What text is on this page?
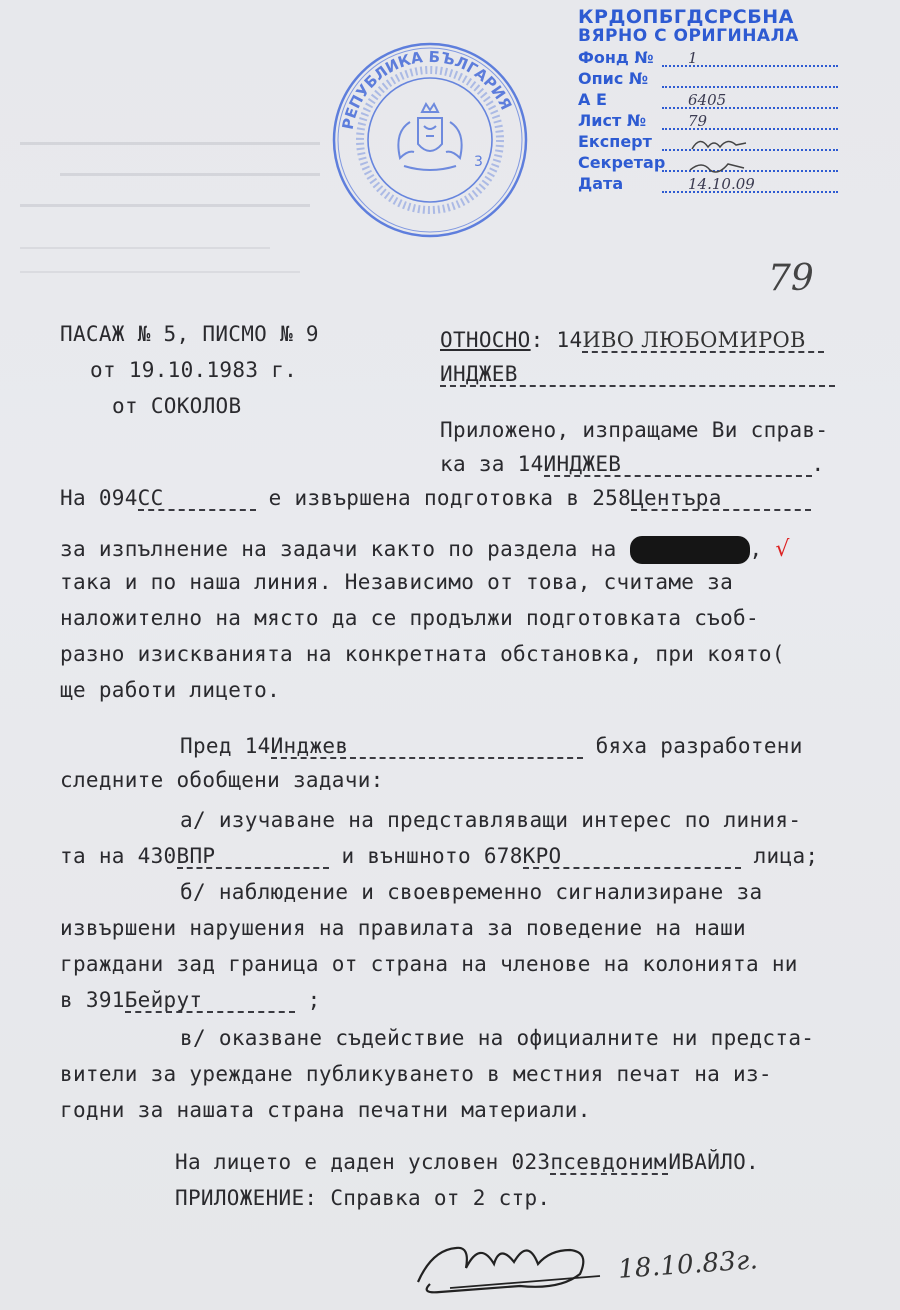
РЕПУБЛИКА БЪЛГАРИЯ
3
КРДОПБГДСРСБНА
ВЯРНО С ОРИГИНАЛА
Фонд №	1
Опис №
А Е	6405
Лист №	79
Експерт
Секретар
Дата	14.10.09
79
ПАСАЖ № 5, ПИСМО № 9
от 19.10.1983 г.
от СОКОЛОВ
ОТНОСНО: 14ИВО ЛЮБОМИРОВ
ИНДЖЕВ
Приложено, изпращаме Ви справ-
ка за 14ИНДЖЕВ	.
На 094СС	е извършена подготовка в 258Центъра
за изпълнение на задачи както по раздела на	, √
така и по наша линия. Независимо от това, считаме за
наложително на място да се продължи подготовката съоб-
разно изискванията на конкретната обстановка, при която(
ще работи лицето.
Пред 14Инджев	бяха разработени
следните обобщени задачи:
а/ изучаване на представляващи интерес по линия-
та на 430ВПР	и външното 678КРО	лица;
б/ наблюдение и своевременно сигнализиране за
извършени нарушения на правилата за поведение на наши
граждани зад граница от страна на членове на колонията ни
в 391Бейрут	;
в/ оказване съдействие на официалните ни предста-
вители за уреждане публикуването в местния печат на из-
годни за нашата страна печатни материали.
На лицето е даден условен 023псевдонимИВАЙЛО.
ПРИЛОЖЕНИЕ: Справка от 2 стр.
18.10.83г.
